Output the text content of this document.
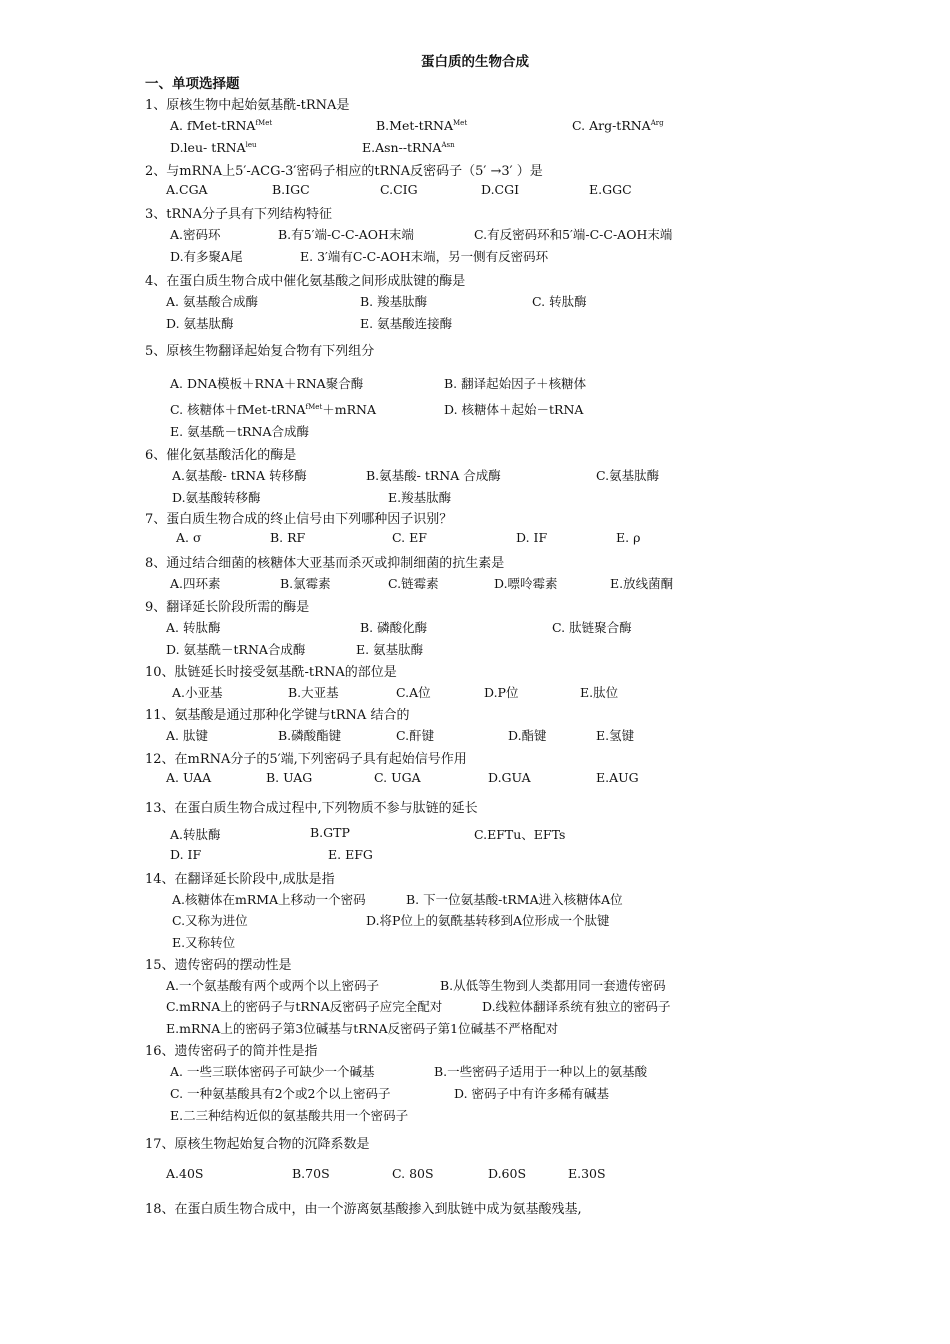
蛋白质的生物合成
一、单项选择题
1、原核生物中起始氨基酰-tRNA是
A. fMet-tRNA$^{fMet}$	B.Met-tRNA$^{Met}$	C. Arg-tRNA$^{Arg}$
D.leu- tRNA$^{leu}$	E.Asn--tRNA$^{Asn}$
2、与mRNA上5′-ACG-3′密码子相应的tRNA反密码子（5′ →3′ ）是
A.CGA	B.IGC	C.CIG	D.CGI	E.GGC
3、tRNA分子具有下列结构特征
A.密码环	B.有5′端-C-C-AOH末端	C.有反密码环和5′端-C-C-AOH末端
D.有多聚A尾	E. 3′端有C-C-AOH末端，另一侧有反密码环
4、在蛋白质生物合成中催化氨基酸之间形成肽键的酶是
A. 氨基酸合成酶	B. 羧基肽酶	C. 转肽酶
D. 氨基肽酶	E. 氨基酸连接酶
5、原核生物翻译起始复合物有下列组分
A. DNA模板＋RNA＋RNA聚合酶	B. 翻译起始因子＋核糖体
C. 核糖体＋fMet-tRNA$^{fMet}$＋mRNA	D. 核糖体＋起始－tRNA
E. 氨基酰－tRNA合成酶
6、催化氨基酸活化的酶是
A.氨基酸- tRNA 转移酶	B.氨基酸- tRNA 合成酶	C.氨基肽酶
D.氨基酸转移酶	E.羧基肽酶
7、蛋白质生物合成的终止信号由下列哪种因子识别？
A. σ	B. RF	C. EF	D. IF	E. ρ
8、通过结合细菌的核糖体大亚基而杀灭或抑制细菌的抗生素是
A.四环素	B.氯霉素	C.链霉素	D.嘌呤霉素	E.放线菌酮
9、翻译延长阶段所需的酶是
A. 转肽酶	B. 磷酸化酶	C. 肽链聚合酶
D. 氨基酰－tRNA合成酶	E. 氨基肽酶
10、肽链延长时接受氨基酰-tRNA的部位是
A.小亚基	B.大亚基	C.A位	D.P位	E.肽位
11、氨基酸是通过那种化学键与tRNA 结合的
A. 肽键	B.磷酸酯键	C.酐键	D.酯键	E.氢键
12、在mRNA分子的5′端,下列密码子具有起始信号作用
A. UAA	B. UAG	C. UGA	D.GUA	E.AUG
13、在蛋白质生物合成过程中,下列物质不参与肽链的延长
A.转肽酶	B.GTP	C.EFTu、EFTs
D. IF	E. EFG
14、在翻译延长阶段中,成肽是指
A.核糖体在mRMA上移动一个密码	B. 下一位氨基酸-tRMA进入核糖体A位
C.又称为进位	D.将P位上的氨酰基转移到A位形成一个肽键
E.又称转位
15、遗传密码的摆动性是
A.一个氨基酸有两个或两个以上密码子	B.从低等生物到人类都用同一套遗传密码
C.mRNA上的密码子与tRNA反密码子应完全配对	D.线粒体翻译系统有独立的密码子
E.mRNA上的密码子第3位碱基与tRNA反密码子第1位碱基不严格配对
16、遗传密码子的简并性是指
A. 一些三联体密码子可缺少一个碱基	B.一些密码子适用于一种以上的氨基酸
C. 一种氨基酸具有2个或2个以上密码子	D. 密码子中有许多稀有碱基
E.二三种结构近似的氨基酸共用一个密码子
17、原核生物起始复合物的沉降系数是
A.40S	B.70S	C. 80S	D.60S	E.30S
18、在蛋白质生物合成中，由一个游离氨基酸掺入到肽链中成为氨基酸残基,
